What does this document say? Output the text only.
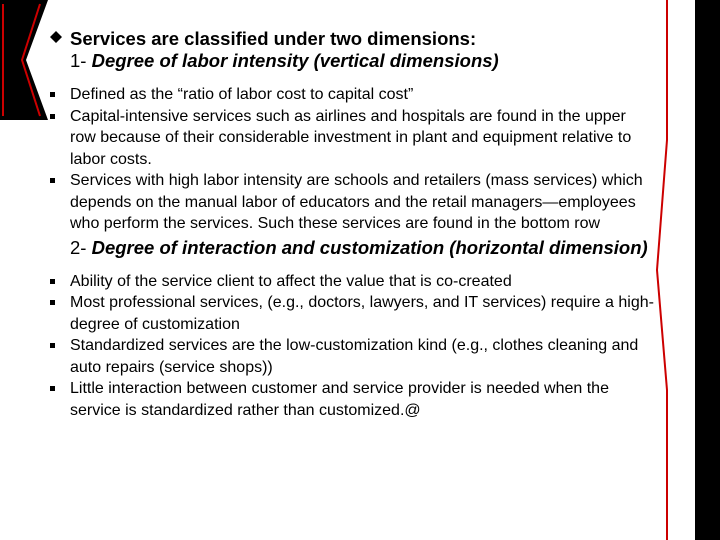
Services are classified under two dimensions:
1- Degree of labor intensity (vertical dimensions)
Defined as the “ratio of labor cost to capital cost”
Capital-intensive services such as airlines and hospitals are found in the upper row because of their considerable investment in plant and equipment relative to labor costs.
Services with high labor intensity are schools and retailers (mass services) which depends on the manual labor of educators and the retail managers—employees who perform the services. Such these services are found in the bottom row
2- Degree of interaction and customization (horizontal dimension)
Ability of the service client to affect the value that is co-created
Most professional services, (e.g., doctors, lawyers, and IT services) require a high-degree of customization
Standardized services are the low-customization kind (e.g., clothes cleaning and auto repairs (service shops))
Little interaction between customer and service provider is needed when the service is standardized rather than customized.@
